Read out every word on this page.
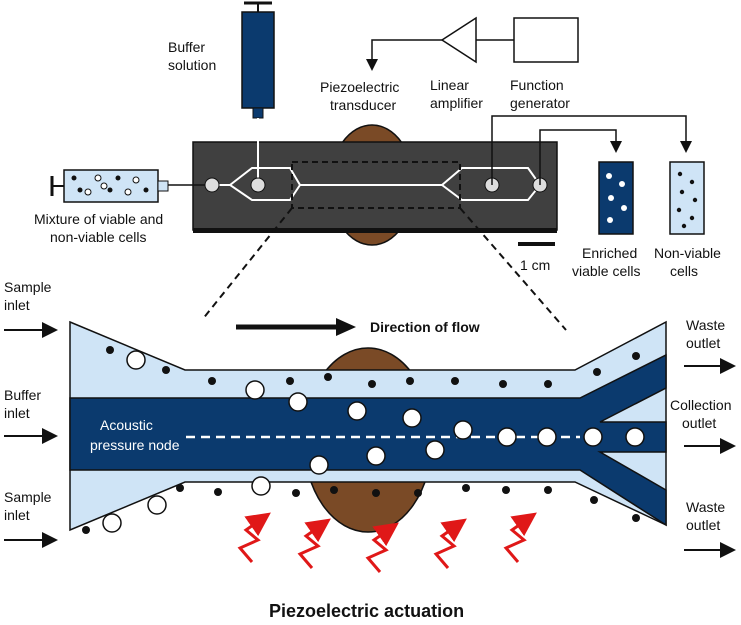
Buffer
solution
Function
generator
Linear
amplifier
Piezoelectric
transducer
Mixture of viable and
non-viable cells
1 cm
Enriched
viable cells
Non-viable
cells
Direction of flow
Acoustic
pressure node
Sample
inlet
Buffer
inlet
Sample
inlet
Waste
outlet
Collection
outlet
Waste
outlet
Piezoelectric actuation
